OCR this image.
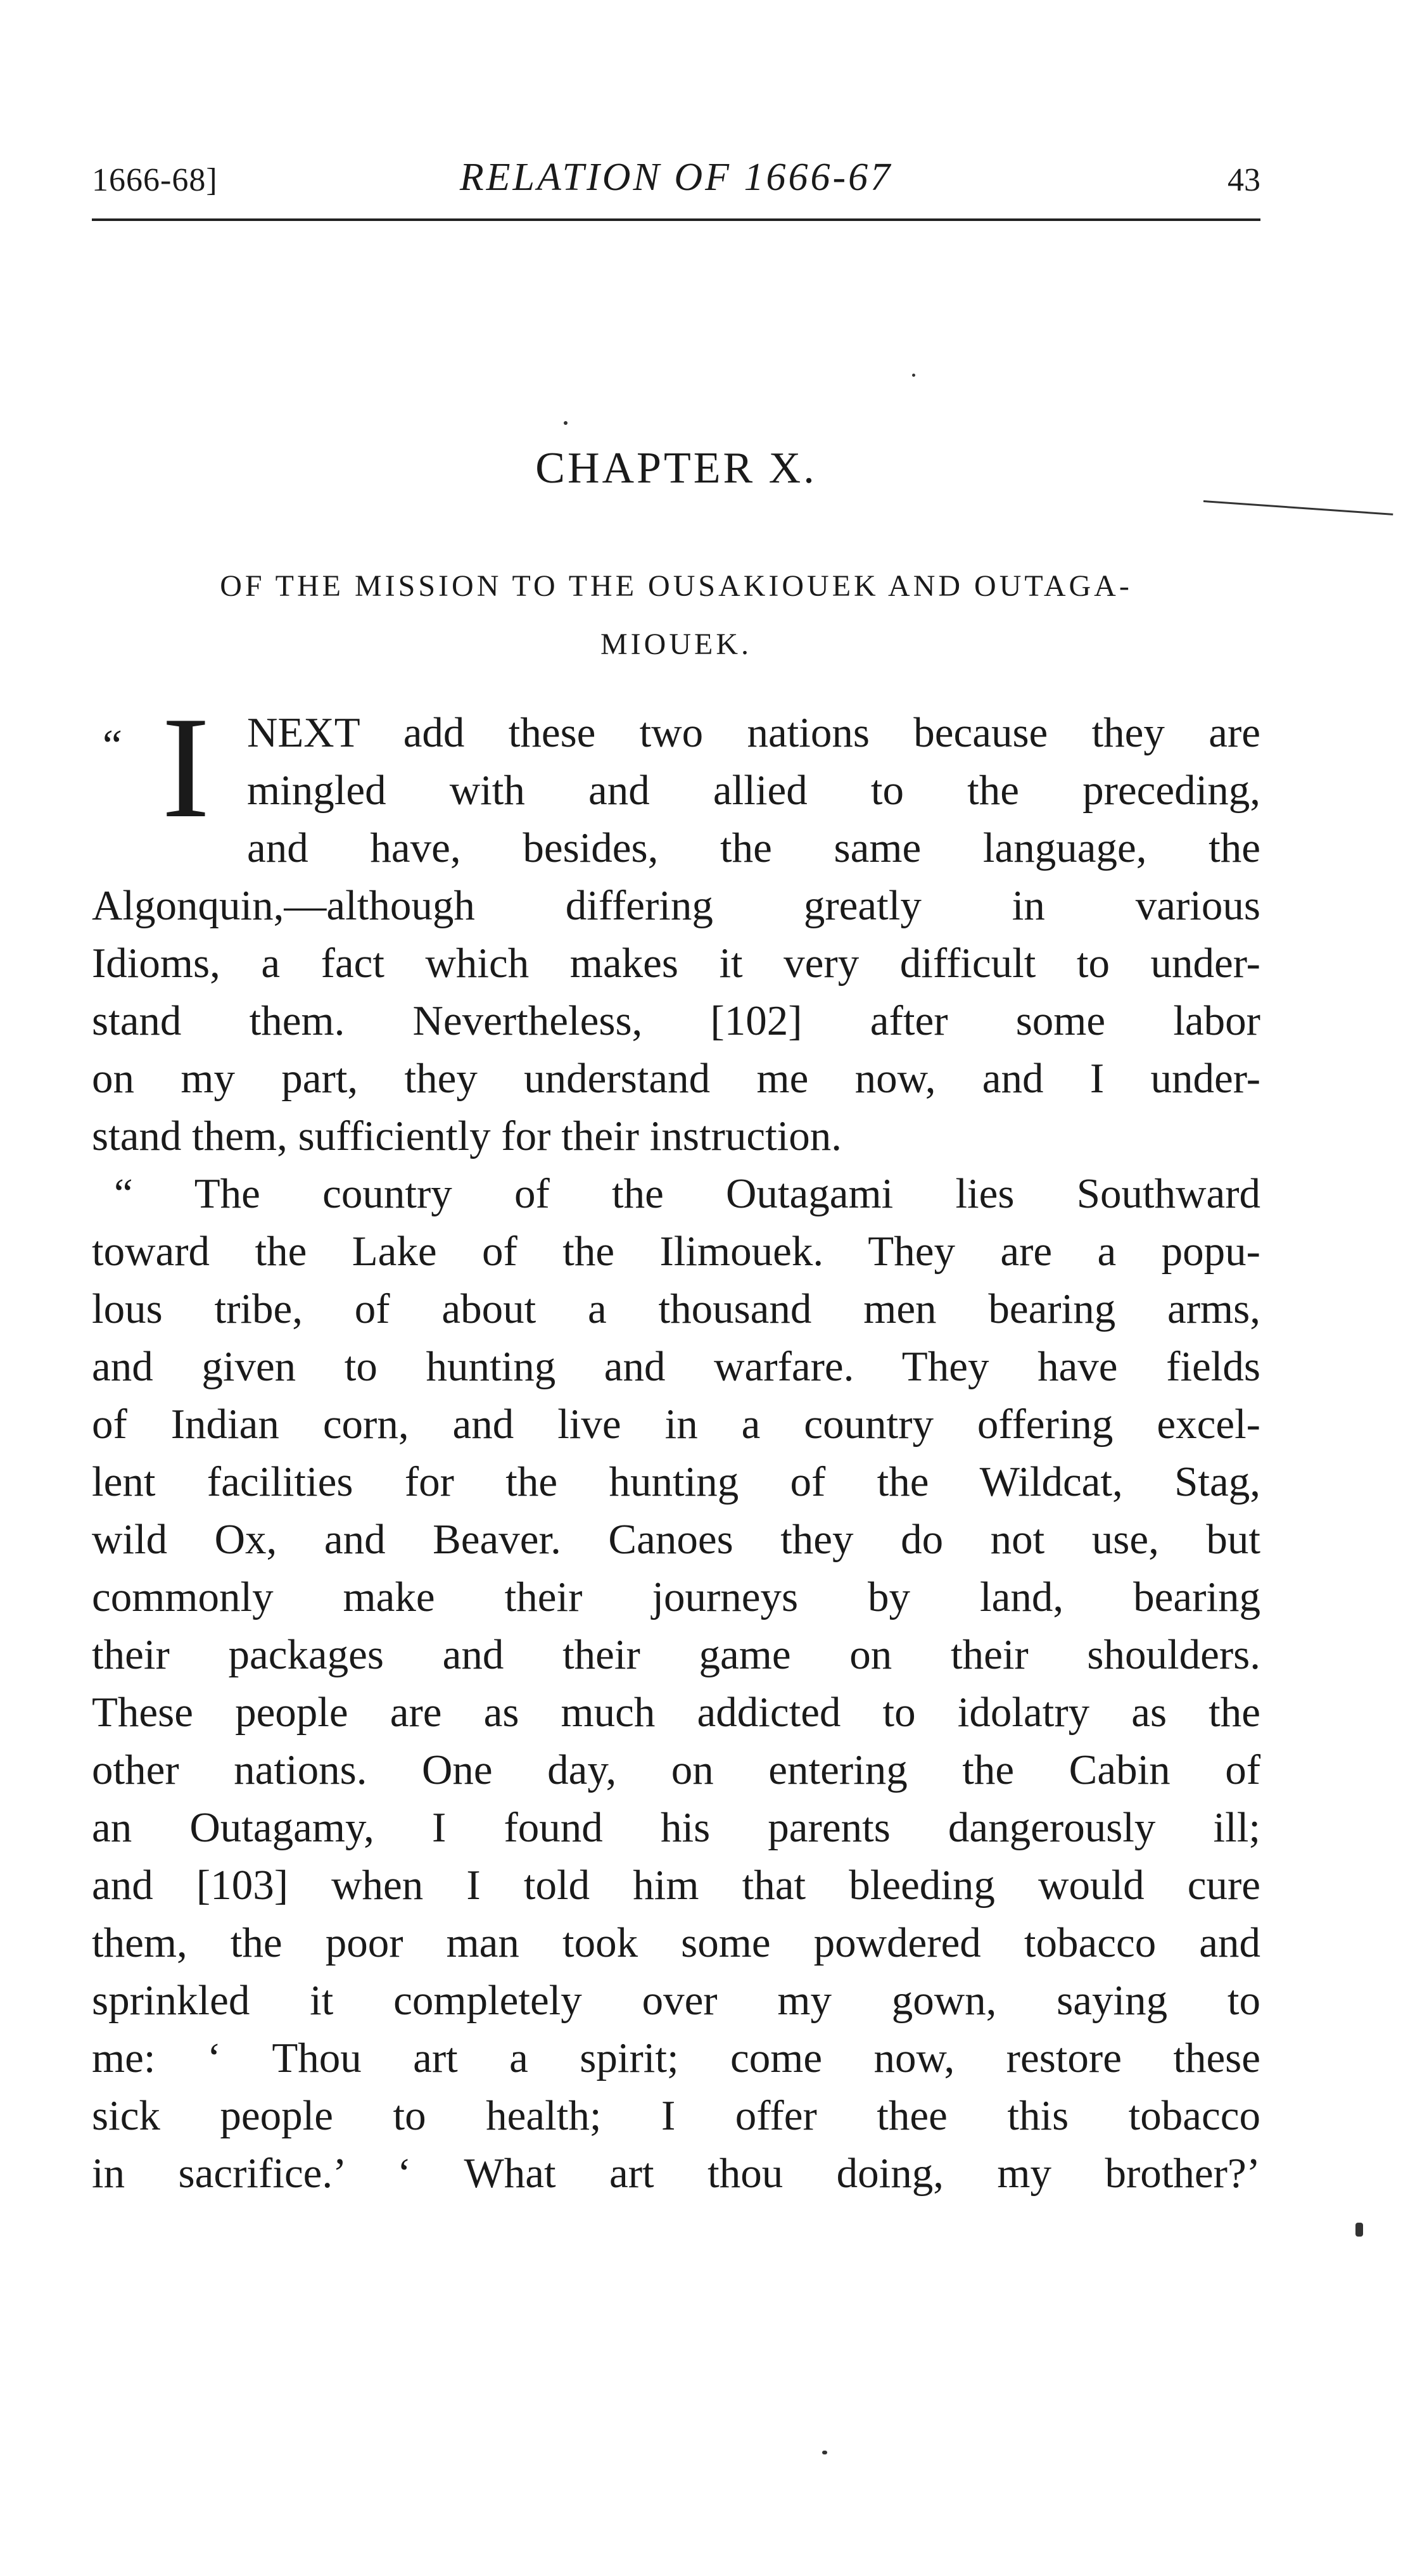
1666-68]	RELATION OF 1666-67	43
CHAPTER X.
OF THE MISSION TO THE OUSAKIOUEK AND OUTAGA-
MIOUEK.
“ I NEXT add these two nations because they are
mingled with and allied to the preceding,
and have, besides, the same language, the
Algonquin,—although differing greatly in various
Idioms, a fact which makes it very difficult to under-
stand them. Nevertheless, [102] after some labor
on my part, they understand me now, and I under-
stand them, sufficiently for their instruction.
“ The country of the Outagami lies Southward
toward the Lake of the Ilimouek. They are a popu-
lous tribe, of about a thousand men bearing arms,
and given to hunting and warfare. They have fields
of Indian corn, and live in a country offering excel-
lent facilities for the hunting of the Wildcat, Stag,
wild Ox, and Beaver. Canoes they do not use, but
commonly make their journeys by land, bearing
their packages and their game on their shoulders.
These people are as much addicted to idolatry as the
other nations. One day, on entering the Cabin of
an Outagamy, I found his parents dangerously ill;
and [103] when I told him that bleeding would cure
them, the poor man took some powdered tobacco and
sprinkled it completely over my gown, saying to
me: ‘ Thou art a spirit; come now, restore these
sick people to health; I offer thee this tobacco
in sacrifice.’ ‘ What art thou doing, my brother?’
